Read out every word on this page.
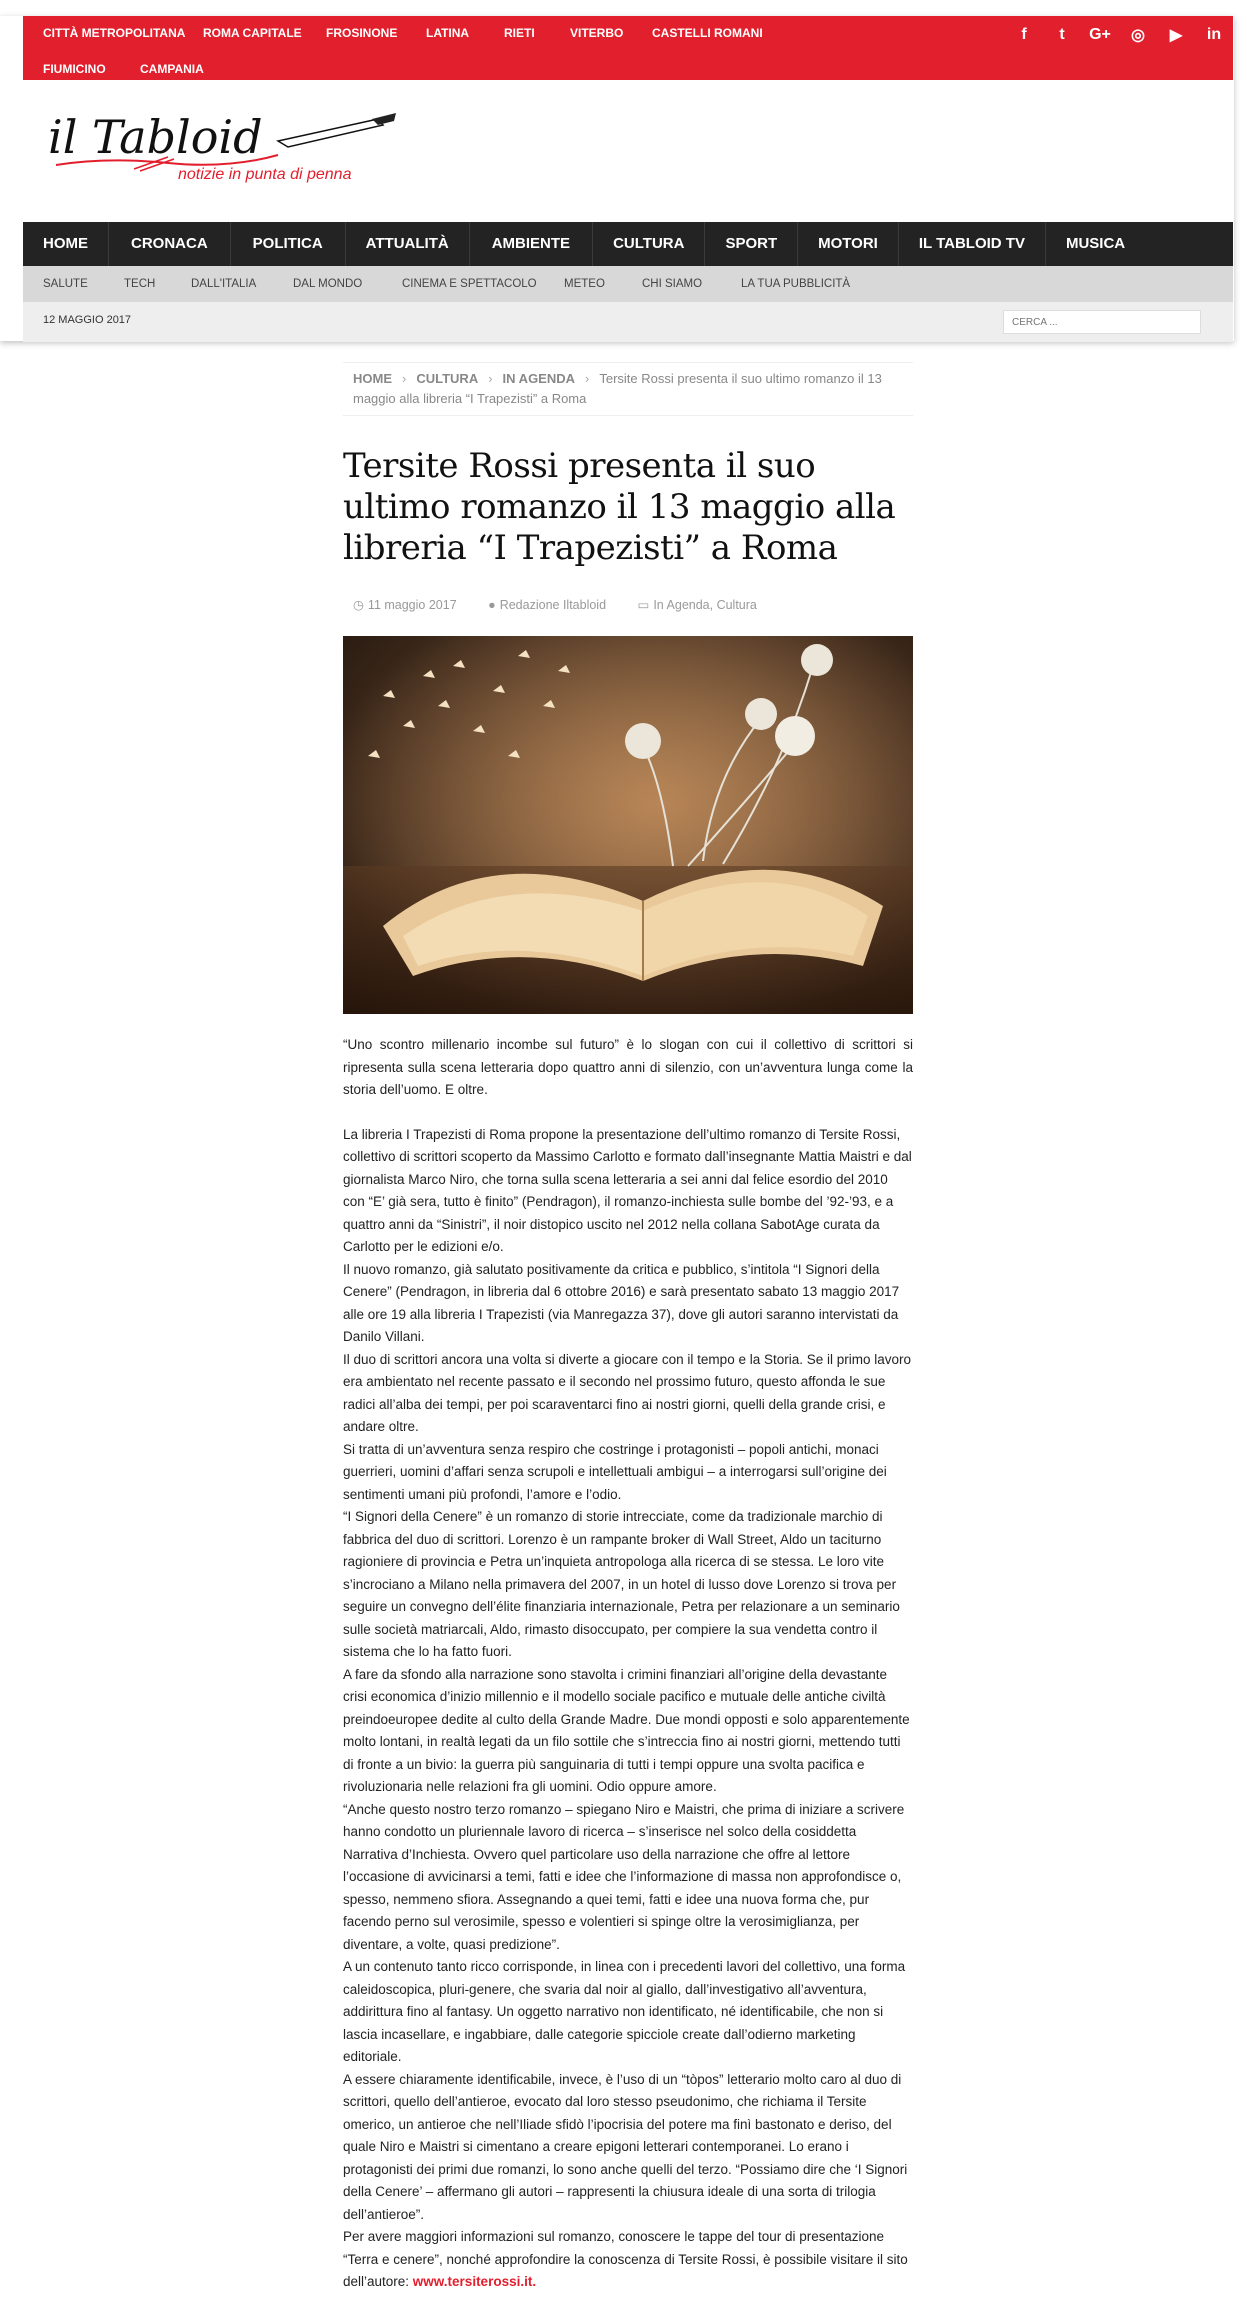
CITTÀ METROPOLITANA ROMA CAPITALE FROSINONE LATINA	RIETI	VITERBO CASTELLI ROMANI
FIUMICINO	CAMPANIA
f	t	G+	◎	▶	in
il Tabloid
notizie in punta di penna
HOME	CRONACA	POLITICA	ATTUALITÀ	AMBIENTE	CULTURA	SPORT	MOTORI	IL TABLOID TV	MUSICA
SALUTE	TECH	DALL'ITALIA	DAL MONDO	CINEMA E SPETTACOLO METEO	CHI SIAMO	LA TUA PUBBLICITÀ
12 MAGGIO 2017
CERCA ...
HOME › CULTURA › IN AGENDA › Tersite Rossi presenta il suo ultimo romanzo il 13 maggio alla libreria “I Trapezisti” a Roma
Tersite Rossi presenta il suo ultimo romanzo il 13 maggio alla libreria “I Trapezisti” a Roma
◷ 11 maggio 2017	● Redazione Iltabloid	▭ In Agenda, Cultura

“Uno scontro millenario incombe sul futuro” è lo slogan con cui il collettivo di scrittori si ripresenta sulla scena letteraria dopo quattro anni di silenzio, con un’avventura lunga come la storia dell’uomo. E oltre.

La libreria I Trapezisti di Roma propone la presentazione dell’ultimo romanzo di Tersite Rossi, collettivo di scrittori scoperto da Massimo Carlotto e formato dall’insegnante Mattia Maistri e dal giornalista Marco Niro, che torna sulla scena letteraria a sei anni dal felice esordio del 2010 con “E’ già sera, tutto è finito” (Pendragon), il romanzo-inchiesta sulle bombe del ’92-’93, e a quattro anni da “Sinistri”, il noir distopico uscito nel 2012 nella collana SabotAge curata da Carlotto per le edizioni e/o.

Il nuovo romanzo, già salutato positivamente da critica e pubblico, s’intitola “I Signori della Cenere” (Pendragon, in libreria dal 6 ottobre 2016) e sarà presentato sabato 13 maggio 2017 alle ore 19 alla libreria I Trapezisti (via Manregazza 37), dove gli autori saranno intervistati da Danilo Villani.

Il duo di scrittori ancora una volta si diverte a giocare con il tempo e la Storia. Se il primo lavoro era ambientato nel recente passato e il secondo nel prossimo futuro, questo affonda le sue radici all’alba dei tempi, per poi scaraventarci fino ai nostri giorni, quelli della grande crisi, e andare oltre.

Si tratta di un’avventura senza respiro che costringe i protagonisti – popoli antichi, monaci guerrieri, uomini d’affari senza scrupoli e intellettuali ambigui – a interrogarsi sull’origine dei sentimenti umani più profondi, l’amore e l’odio.

“I Signori della Cenere” è un romanzo di storie intrecciate, come da tradizionale marchio di fabbrica del duo di scrittori. Lorenzo è un rampante broker di Wall Street, Aldo un taciturno ragioniere di provincia e Petra un’inquieta antropologa alla ricerca di se stessa. Le loro vite s’incrociano a Milano nella primavera del 2007, in un hotel di lusso dove Lorenzo si trova per seguire un convegno dell’élite finanziaria internazionale, Petra per relazionare a un seminario sulle società matriarcali, Aldo, rimasto disoccupato, per compiere la sua vendetta contro il sistema che lo ha fatto fuori.

A fare da sfondo alla narrazione sono stavolta i crimini finanziari all’origine della devastante crisi economica d’inizio millennio e il modello sociale pacifico e mutuale delle antiche civiltà preindoeuropee dedite al culto della Grande Madre. Due mondi opposti e solo apparentemente molto lontani, in realtà legati da un filo sottile che s’intreccia fino ai nostri giorni, mettendo tutti di fronte a un bivio: la guerra più sanguinaria di tutti i tempi oppure una svolta pacifica e rivoluzionaria nelle relazioni fra gli uomini. Odio oppure amore.

“Anche questo nostro terzo romanzo – spiegano Niro e Maistri, che prima di iniziare a scrivere hanno condotto un pluriennale lavoro di ricerca – s’inserisce nel solco della cosiddetta Narrativa d’Inchiesta. Ovvero quel particolare uso della narrazione che offre al lettore l’occasione di avvicinarsi a temi, fatti e idee che l’informazione di massa non approfondisce o, spesso, nemmeno sfiora. Assegnando a quei temi, fatti e idee una nuova forma che, pur facendo perno sul verosimile, spesso e volentieri si spinge oltre la verosimiglianza, per diventare, a volte, quasi predizione”.

A un contenuto tanto ricco corrisponde, in linea con i precedenti lavori del collettivo, una forma caleidoscopica, pluri-genere, che svaria dal noir al giallo, dall’investigativo all’avventura, addirittura fino al fantasy. Un oggetto narrativo non identificato, né identificabile, che non si lascia incasellare, e ingabbiare, dalle categorie spicciole create dall’odierno marketing editoriale.

A essere chiaramente identificabile, invece, è l’uso di un “tòpos” letterario molto caro al duo di scrittori, quello dell’antieroe, evocato dal loro stesso pseudonimo, che richiama il Tersite omerico, un antieroe che nell’Iliade sfidò l’ipocrisia del potere ma finì bastonato e deriso, del quale Niro e Maistri si cimentano a creare epigoni letterari contemporanei. Lo erano i protagonisti dei primi due romanzi, lo sono anche quelli del terzo. “Possiamo dire che ‘I Signori della Cenere’ – affermano gli autori – rappresenti la chiusura ideale di una sorta di trilogia dell’antieroe”.

Per avere maggiori informazioni sul romanzo, conoscere le tappe del tour di presentazione “Terra e cenere”, nonché approfondire la conoscenza di Tersite Rossi, è possibile visitare il sito dell’autore: www.tersiterossi.it.
